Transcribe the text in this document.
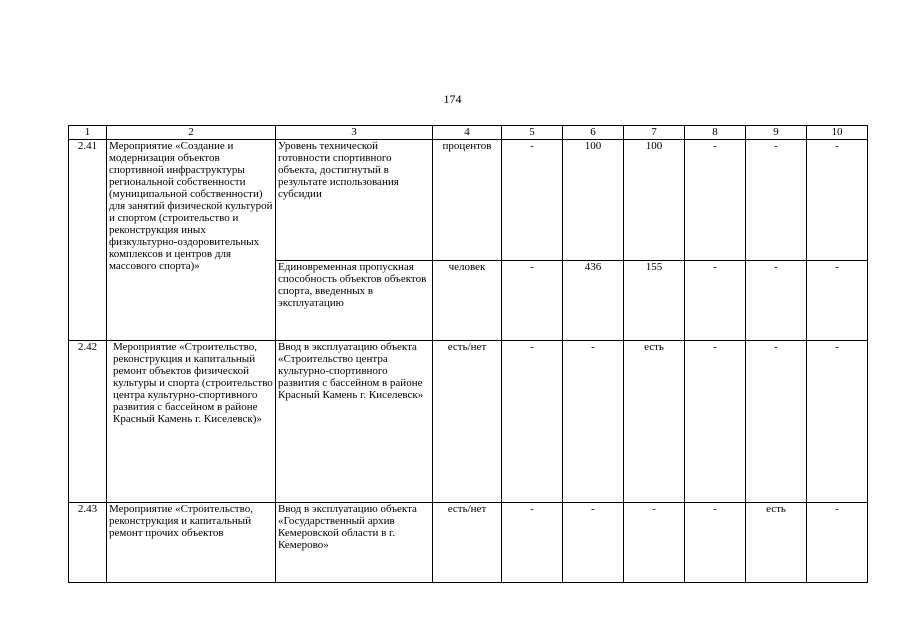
174
1	2	3	4	5	6	7	8	9	10
2.41	Мероприятие «Создание и модернизация объектов спортивной инфраструктуры региональной собственности (муниципальной собственности) для занятий физической культурой и спортом (строительство и реконструкция иных физкультурно-оздоровительных комплексов и центров для массового спорта)»	Уровень технической готовности спортивного объекта, достигнутый в результате использования субсидии	процентов	-	100	100	-	-	-
		Единовременная пропускная способность объектов объектов спорта, введенных в эксплуатацию	человек	-	436	155	-	-	-
2.42	Мероприятие «Строительство, реконструкция и капитальный ремонт объектов физической культуры и спорта (строительство центра культурно-спортивного развития с бассейном в районе Красный Камень г. Киселевск)»	Ввод в эксплуатацию объекта «Строительство центра культурно-спортивного развития с бассейном в районе Красный Камень г. Киселевск»	есть/нет	-	-	есть	-	-	-
2.43	Мероприятие «Строительство, реконструкция и капитальный ремонт прочих объектов	Ввод в эксплуатацию объекта «Государственный архив Кемеровской области в г. Кемерово»	есть/нет	-	-	-	-	есть	-
